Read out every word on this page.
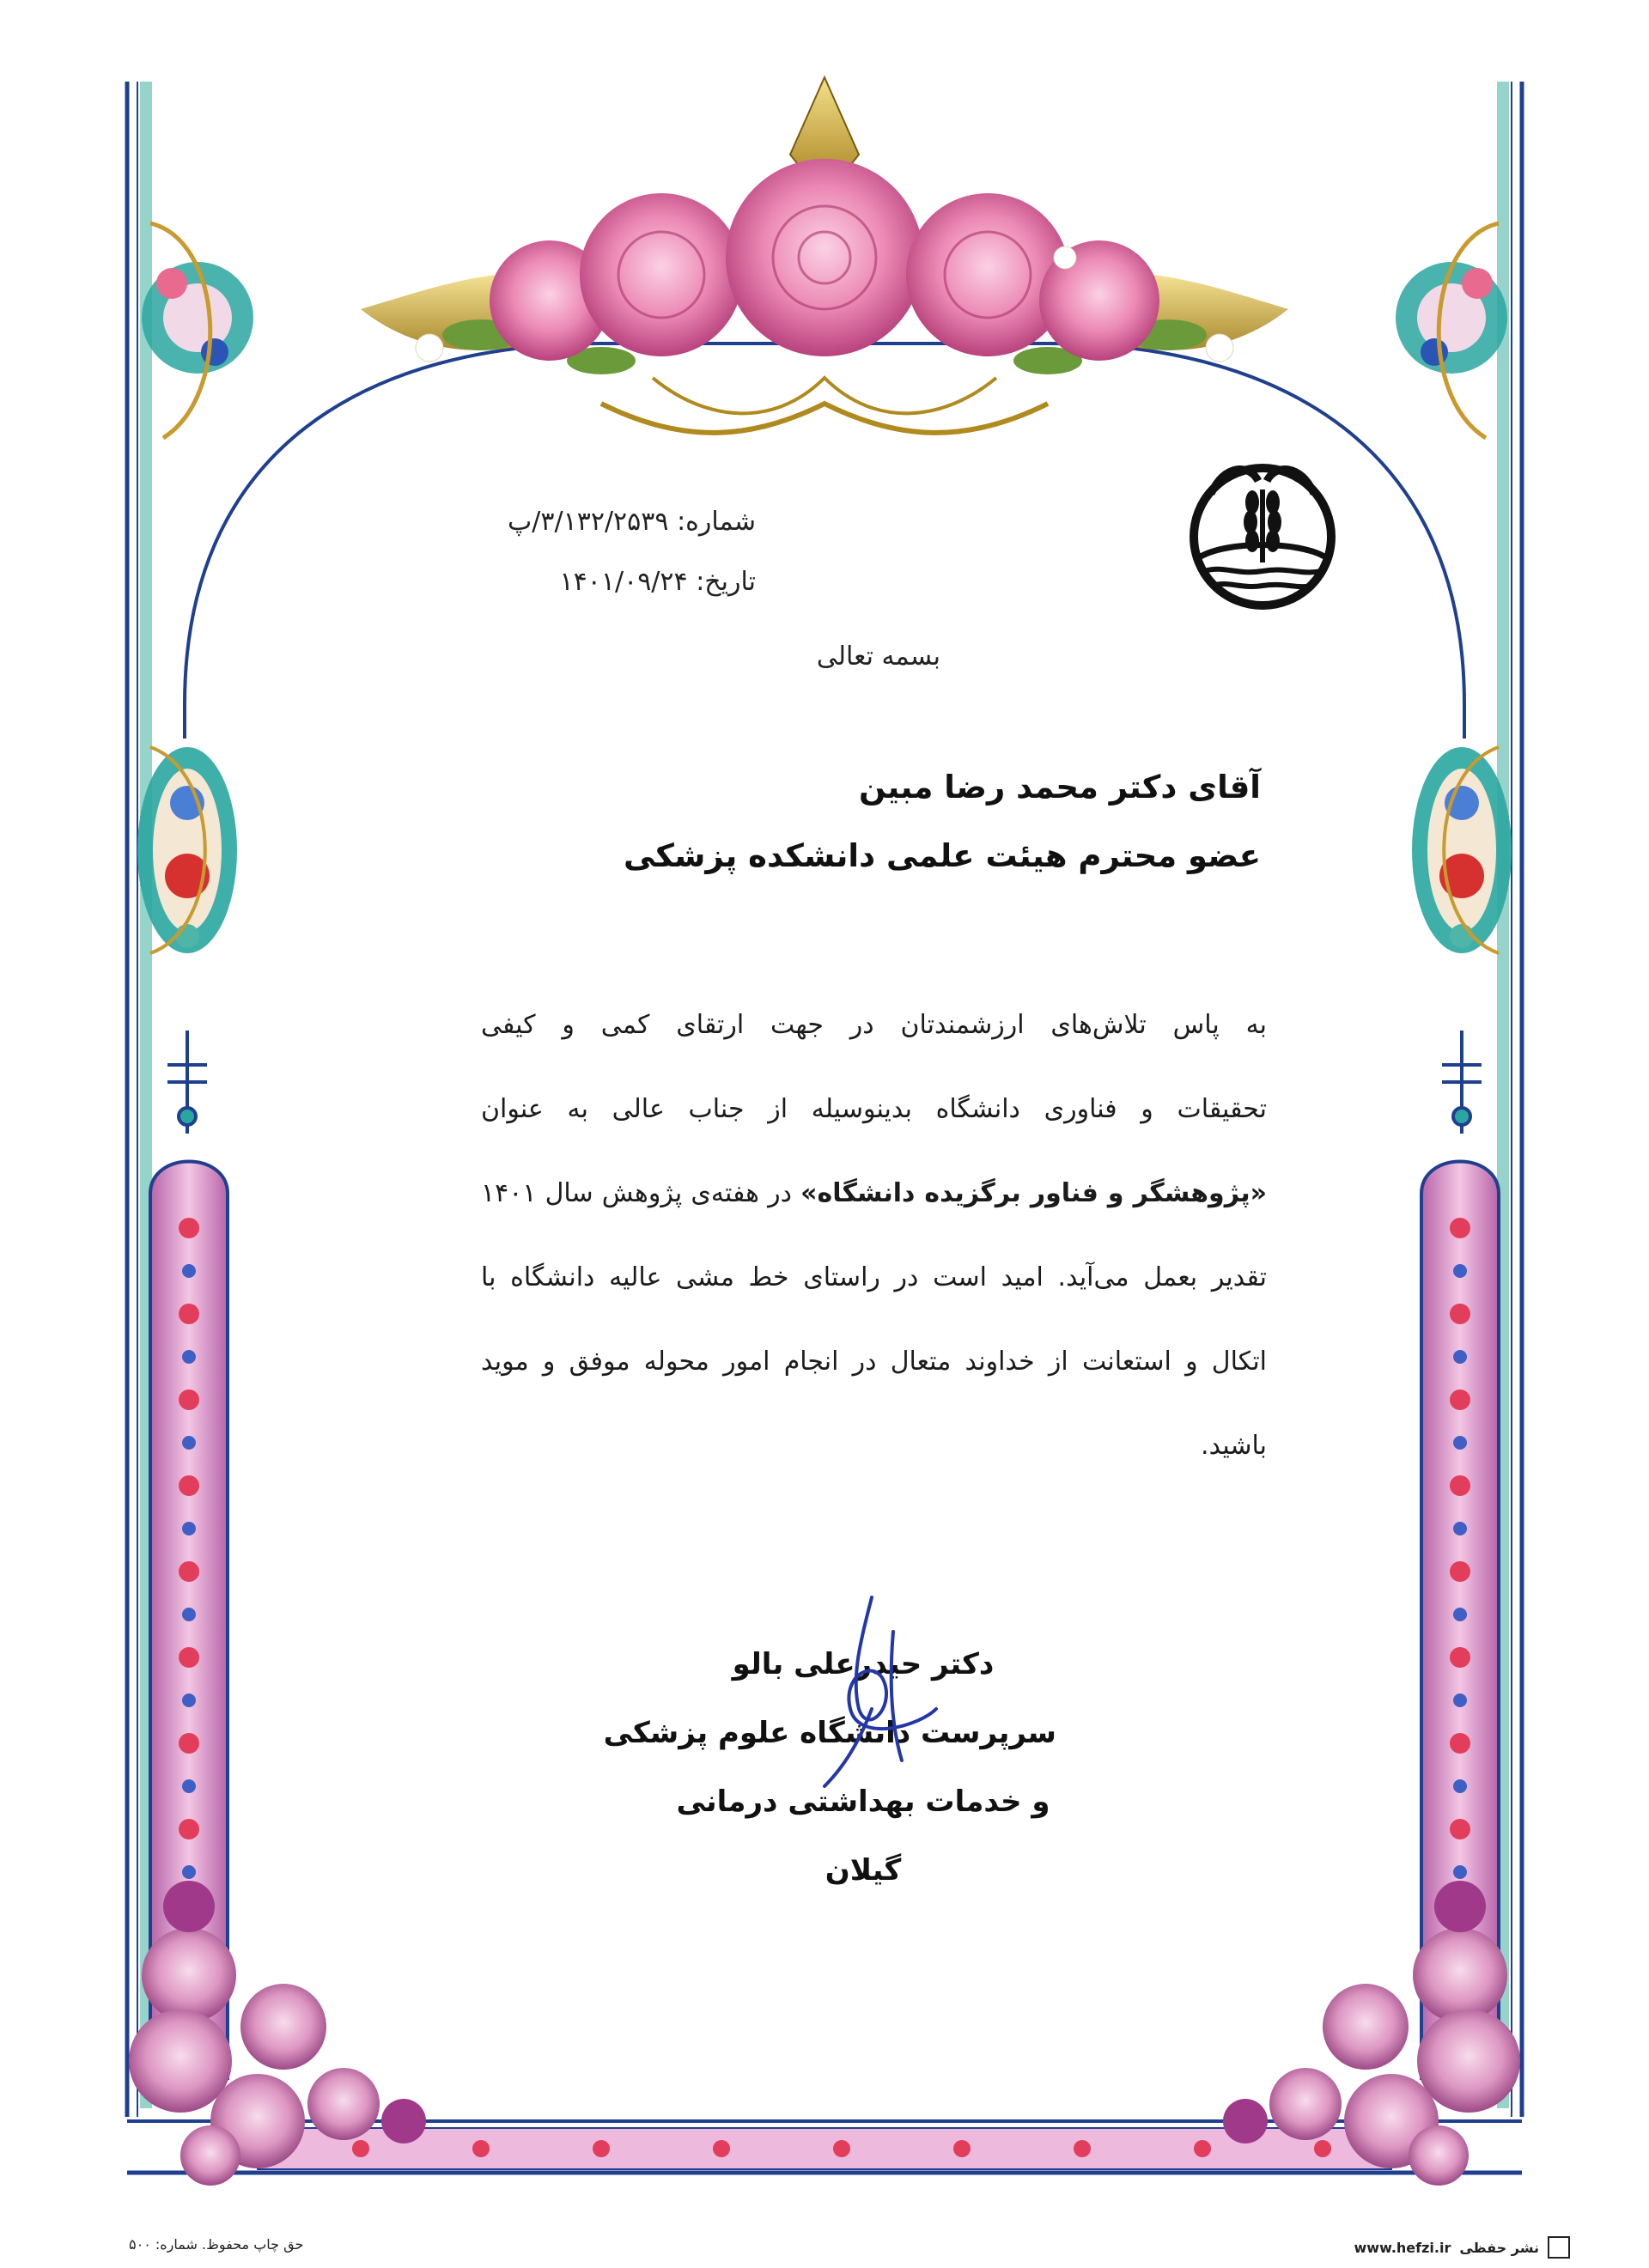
شماره: ۳/۱۳۲/۲۵۳۹/پ
تاریخ: ۱۴۰۱/۰۹/۲۴
بسمه تعالی
آقای دکتر محمد رضا مبین
عضو محترم هیئت علمی دانشکده پزشکی
به پاس تلاش‌های ارزشمندتان در جهت ارتقای کمی و کیفی
تحقیقات و فناوری دانشگاه بدینوسیله از جناب عالی به عنوان
«پژوهشگر و فناور برگزیده دانشگاه» در هفته‌ی پژوهش سال ۱۴۰۱
تقدیر بعمل می‌آید. امید است در راستای خط مشی عالیه دانشگاه با
اتکال و استعانت از خداوند متعال در انجام امور محوله موفق و موید
باشید.
دکتر حیدرعلی بالو
سرپرست دانشگاه علوم پزشکی
و خدمات بهداشتی درمانی
گیلان
حق چاپ محفوظ. شماره: ۵۰۰	www.hefzi.ir نشر حفظی
